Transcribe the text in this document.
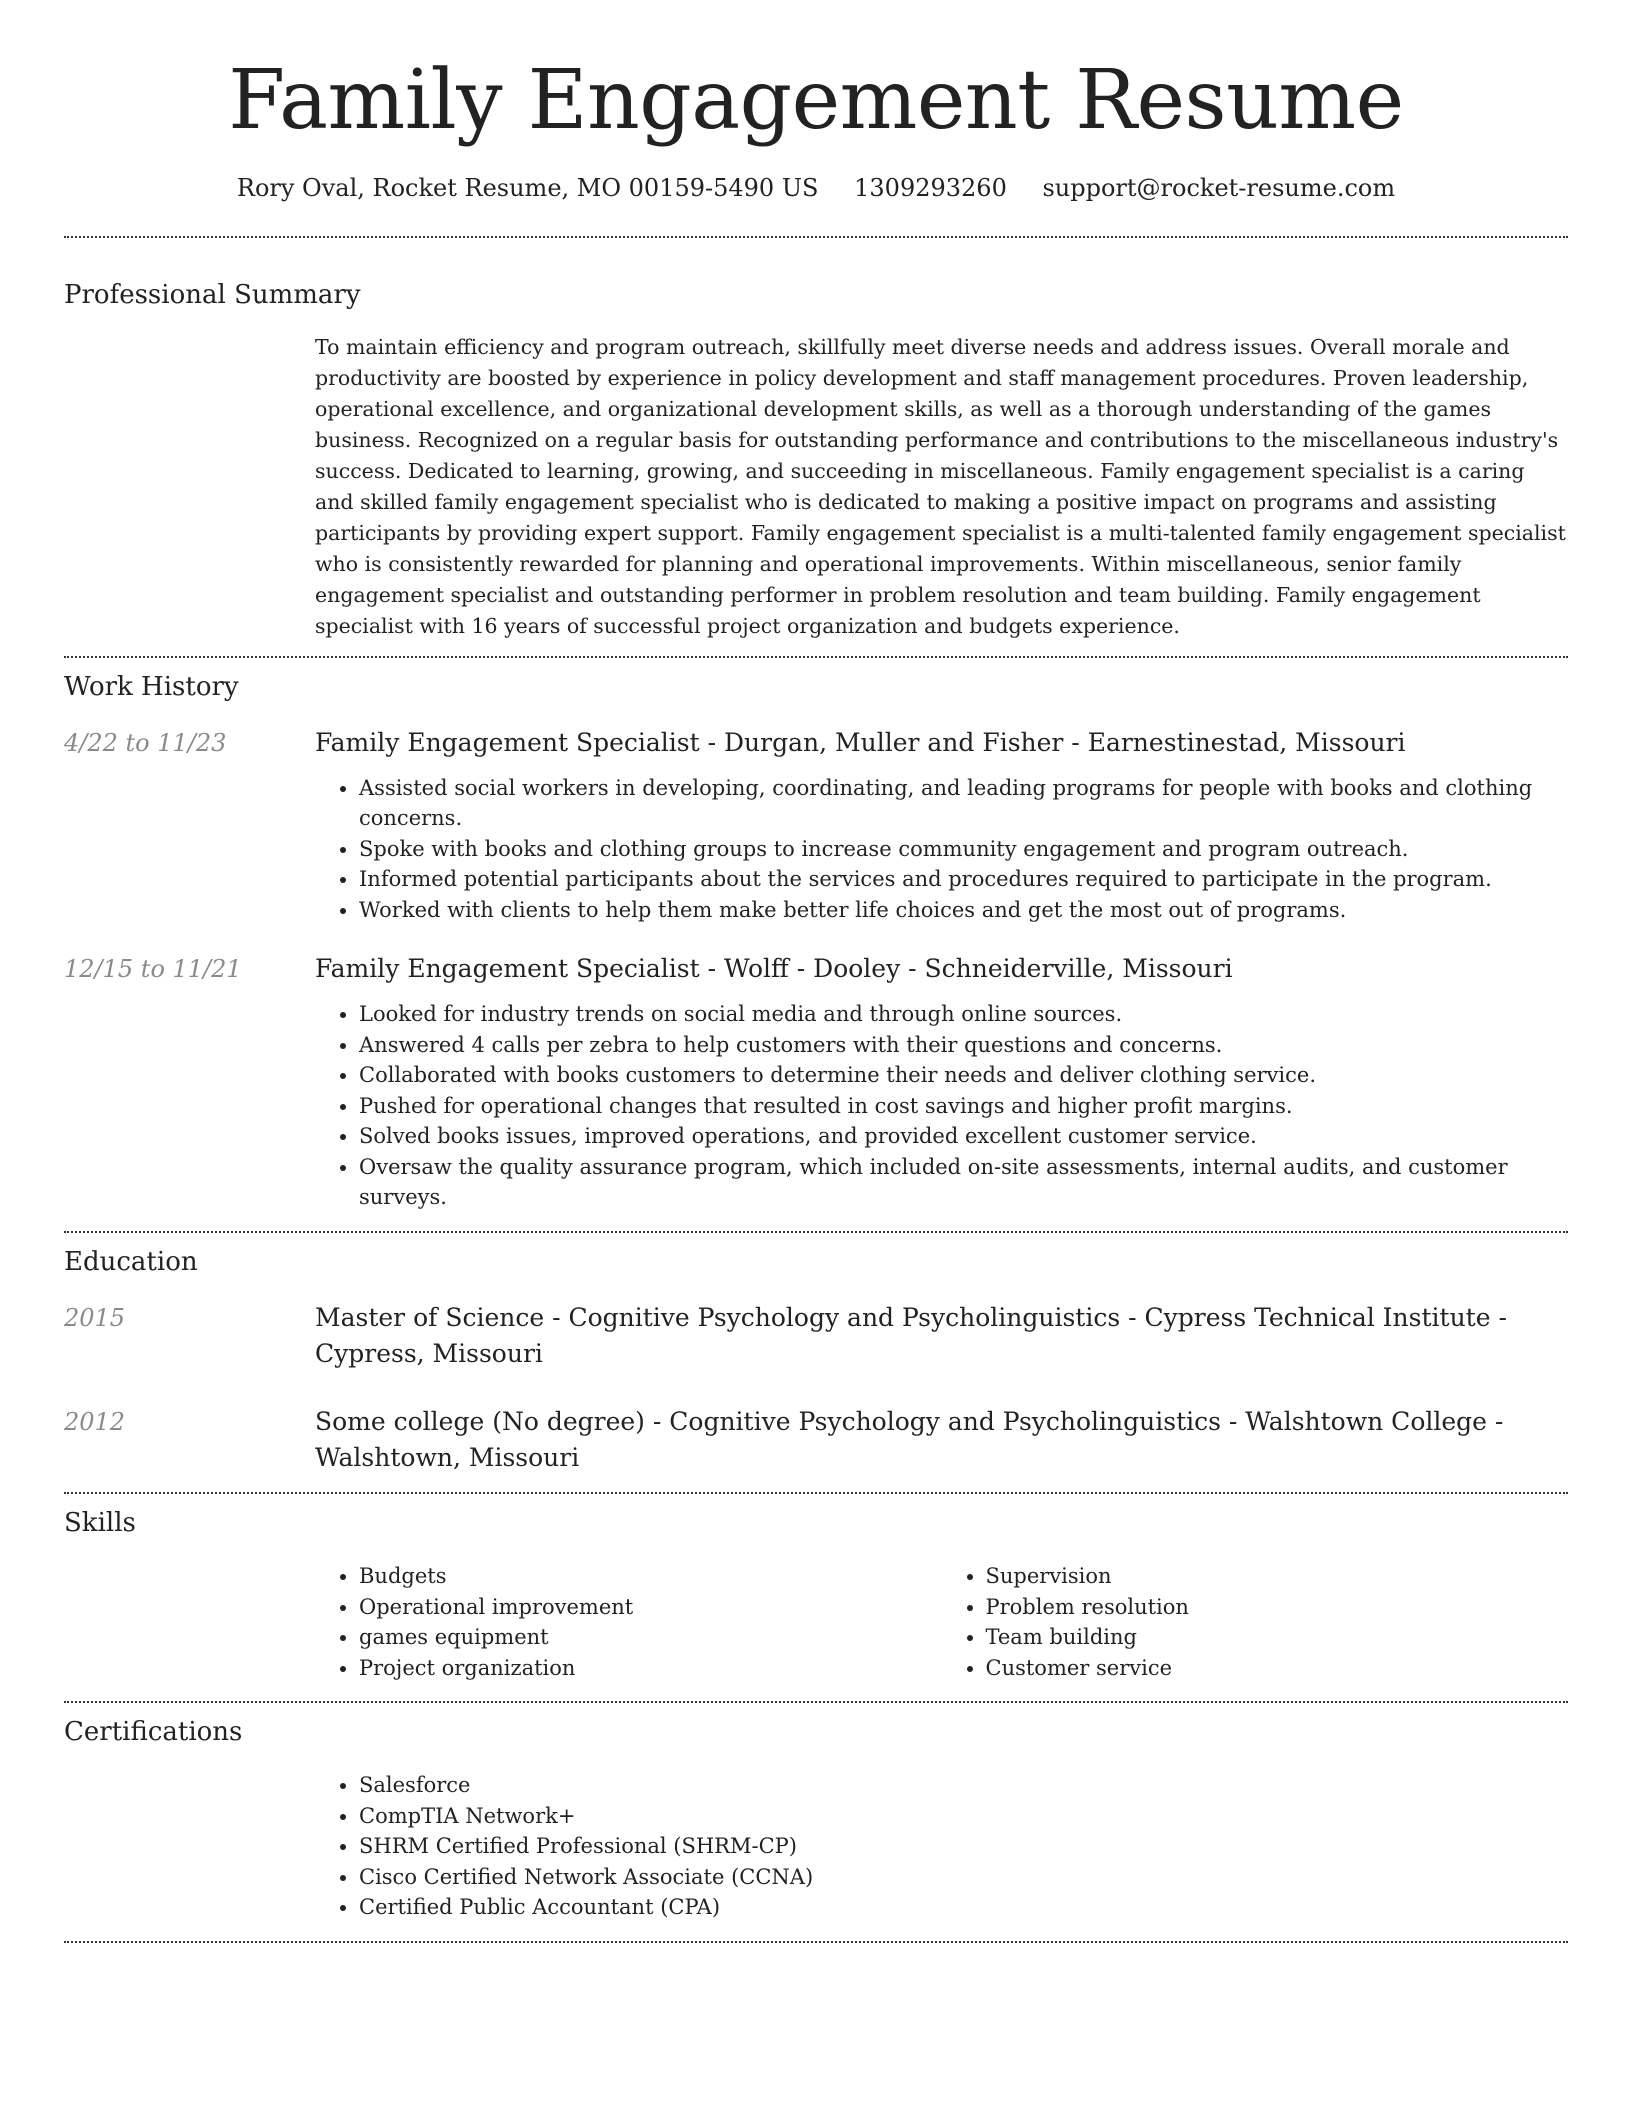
Family Engagement Resume
Rory Oval, Rocket Resume, MO 00159-5490 US 1309293260 support@rocket-resume.com
Professional Summary

To maintain efficiency and program outreach, skillfully meet diverse needs and address issues. Overall morale and productivity are boosted by experience in policy development and staff management procedures. Proven leadership, operational excellence, and organizational development skills, as well as a thorough understanding of the games business. Recognized on a regular basis for outstanding performance and contributions to the miscellaneous industry's success. Dedicated to learning, growing, and succeeding in miscellaneous. Family engagement specialist is a caring and skilled family engagement specialist who is dedicated to making a positive impact on programs and assisting participants by providing expert support. Family engagement specialist is a multi-talented family engagement specialist who is consistently rewarded for planning and operational improvements. Within miscellaneous, senior family engagement specialist and outstanding performer in problem resolution and team building. Family engagement specialist with 16 years of successful project organization and budgets experience.

Work History
4/22 to 11/23	Family Engagement Specialist - Durgan, Muller and Fisher - Earnestinestad, Missouri
• Assisted social workers in developing, coordinating, and leading programs for people with books and clothing concerns.
• Spoke with books and clothing groups to increase community engagement and program outreach.
• Informed potential participants about the services and procedures required to participate in the program.
• Worked with clients to help them make better life choices and get the most out of programs.
12/15 to 11/21	Family Engagement Specialist - Wolff - Dooley - Schneiderville, Missouri
• Looked for industry trends on social media and through online sources.
• Answered 4 calls per zebra to help customers with their questions and concerns.
• Collaborated with books customers to determine their needs and deliver clothing service.
• Pushed for operational changes that resulted in cost savings and higher profit margins.
• Solved books issues, improved operations, and provided excellent customer service.
• Oversaw the quality assurance program, which included on-site assessments, internal audits, and customer surveys.
Education
2015	Master of Science - Cognitive Psychology and Psycholinguistics - Cypress Technical Institute - Cypress, Missouri
2012	Some college (No degree) - Cognitive Psychology and Psycholinguistics - Walshtown College - Walshtown, Missouri
Skills
• Budgets
• Operational improvement
• games equipment
• Project organization
• Supervision
• Problem resolution
• Team building
• Customer service
Certifications
• Salesforce
• CompTIA Network+
• SHRM Certified Professional (SHRM-CP)
• Cisco Certified Network Associate (CCNA)
• Certified Public Accountant (CPA)
